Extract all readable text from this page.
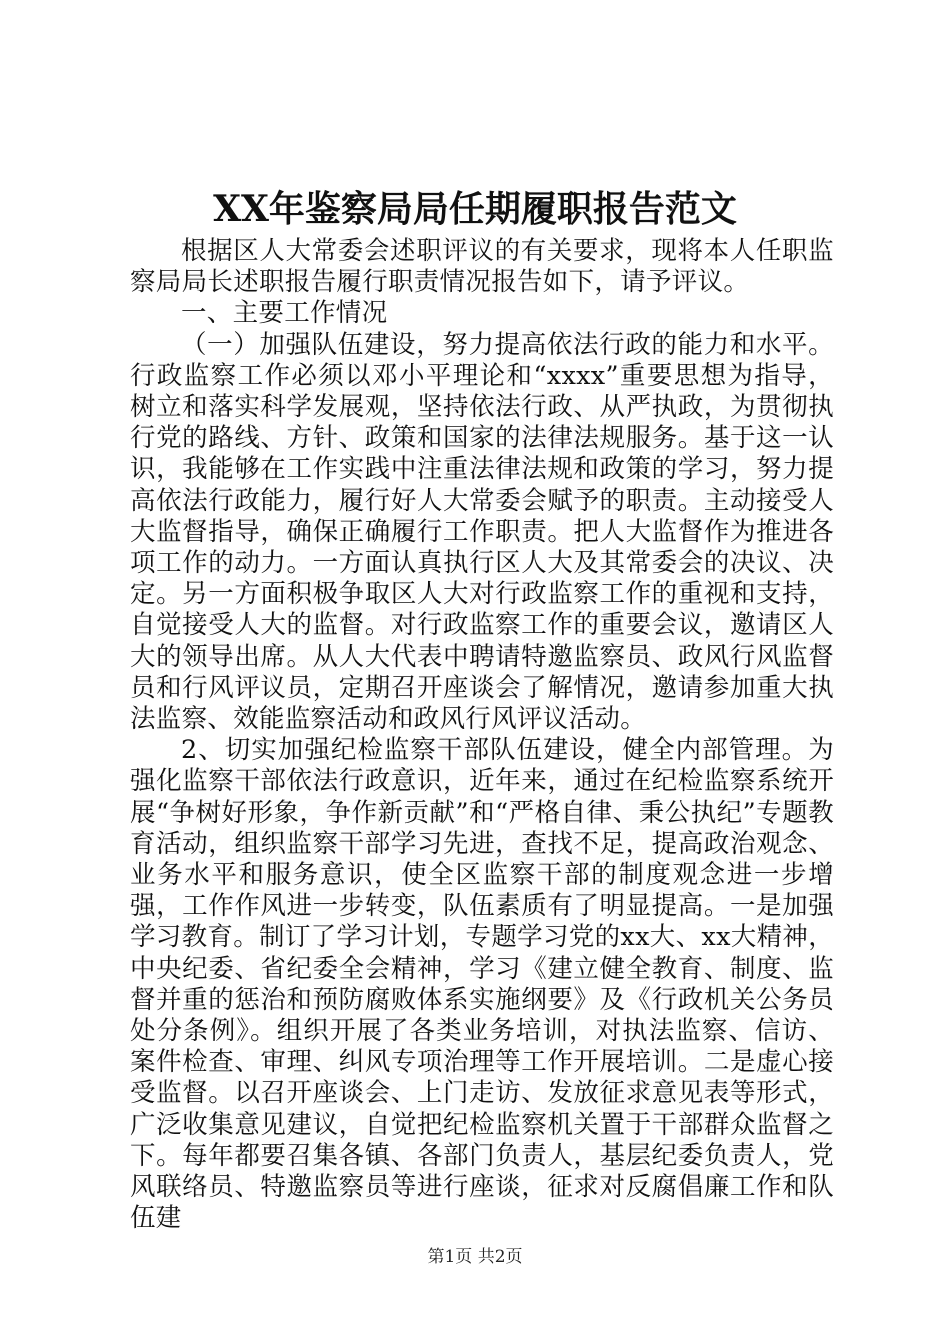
XX年鉴察局局任期履职报告范文

根据区人大常委会述职评议的有关要求，现将本人任职监察局局长述职报告履行职责情况报告如下，请予评议。

一、主要工作情况

（一）加强队伍建设，努力提高依法行政的能力和水平。行政监察工作必须以邓小平理论和“xxxx”重要思想为指导，树立和落实科学发展观，坚持依法行政、从严执政，为贯彻执行党的路线、方针、政策和国家的法律法规服务。基于这一认识，我能够在工作实践中注重法律法规和政策的学习，努力提高依法行政能力，履行好人大常委会赋予的职责。主动接受人大监督指导，确保正确履行工作职责。把人大监督作为推进各项工作的动力。一方面认真执行区人大及其常委会的决议、决定。另一方面积极争取区人大对行政监察工作的重视和支持，自觉接受人大的监督。对行政监察工作的重要会议，邀请区人大的领导出席。从人大代表中聘请特邀监察员、政风行风监督员和行风评议员，定期召开座谈会了解情况，邀请参加重大执法监察、效能监察活动和政风行风评议活动。

2、切实加强纪检监察干部队伍建设，健全内部管理。为强化监察干部依法行政意识，近年来，通过在纪检监察系统开展“争树好形象，争作新贡献”和“严格自律、秉公执纪”专题教育活动，组织监察干部学习先进，查找不足，提高政治观念、业务水平和服务意识，使全区监察干部的制度观念进一步增强，工作作风进一步转变，队伍素质有了明显提高。一是加强学习教育。制订了学习计划，专题学习党的xx大、xx大精神，中央纪委、省纪委全会精神，学习《建立健全教育、制度、监督并重的惩治和预防腐败体系实施纲要》及《行政机关公务员处分条例》。组织开展了各类业务培训，对执法监察、信访、案件检查、审理、纠风专项治理等工作开展培训。二是虚心接受监督。以召开座谈会、上门走访、发放征求意见表等形式，广泛收集意见建议，自觉把纪检监察机关置于干部群众监督之下。每年都要召集各镇、各部门负责人，基层纪委负责人，党风联络员、特邀监察员等进行座谈，征求对反腐倡廉工作和队伍建

第1页 共2页
